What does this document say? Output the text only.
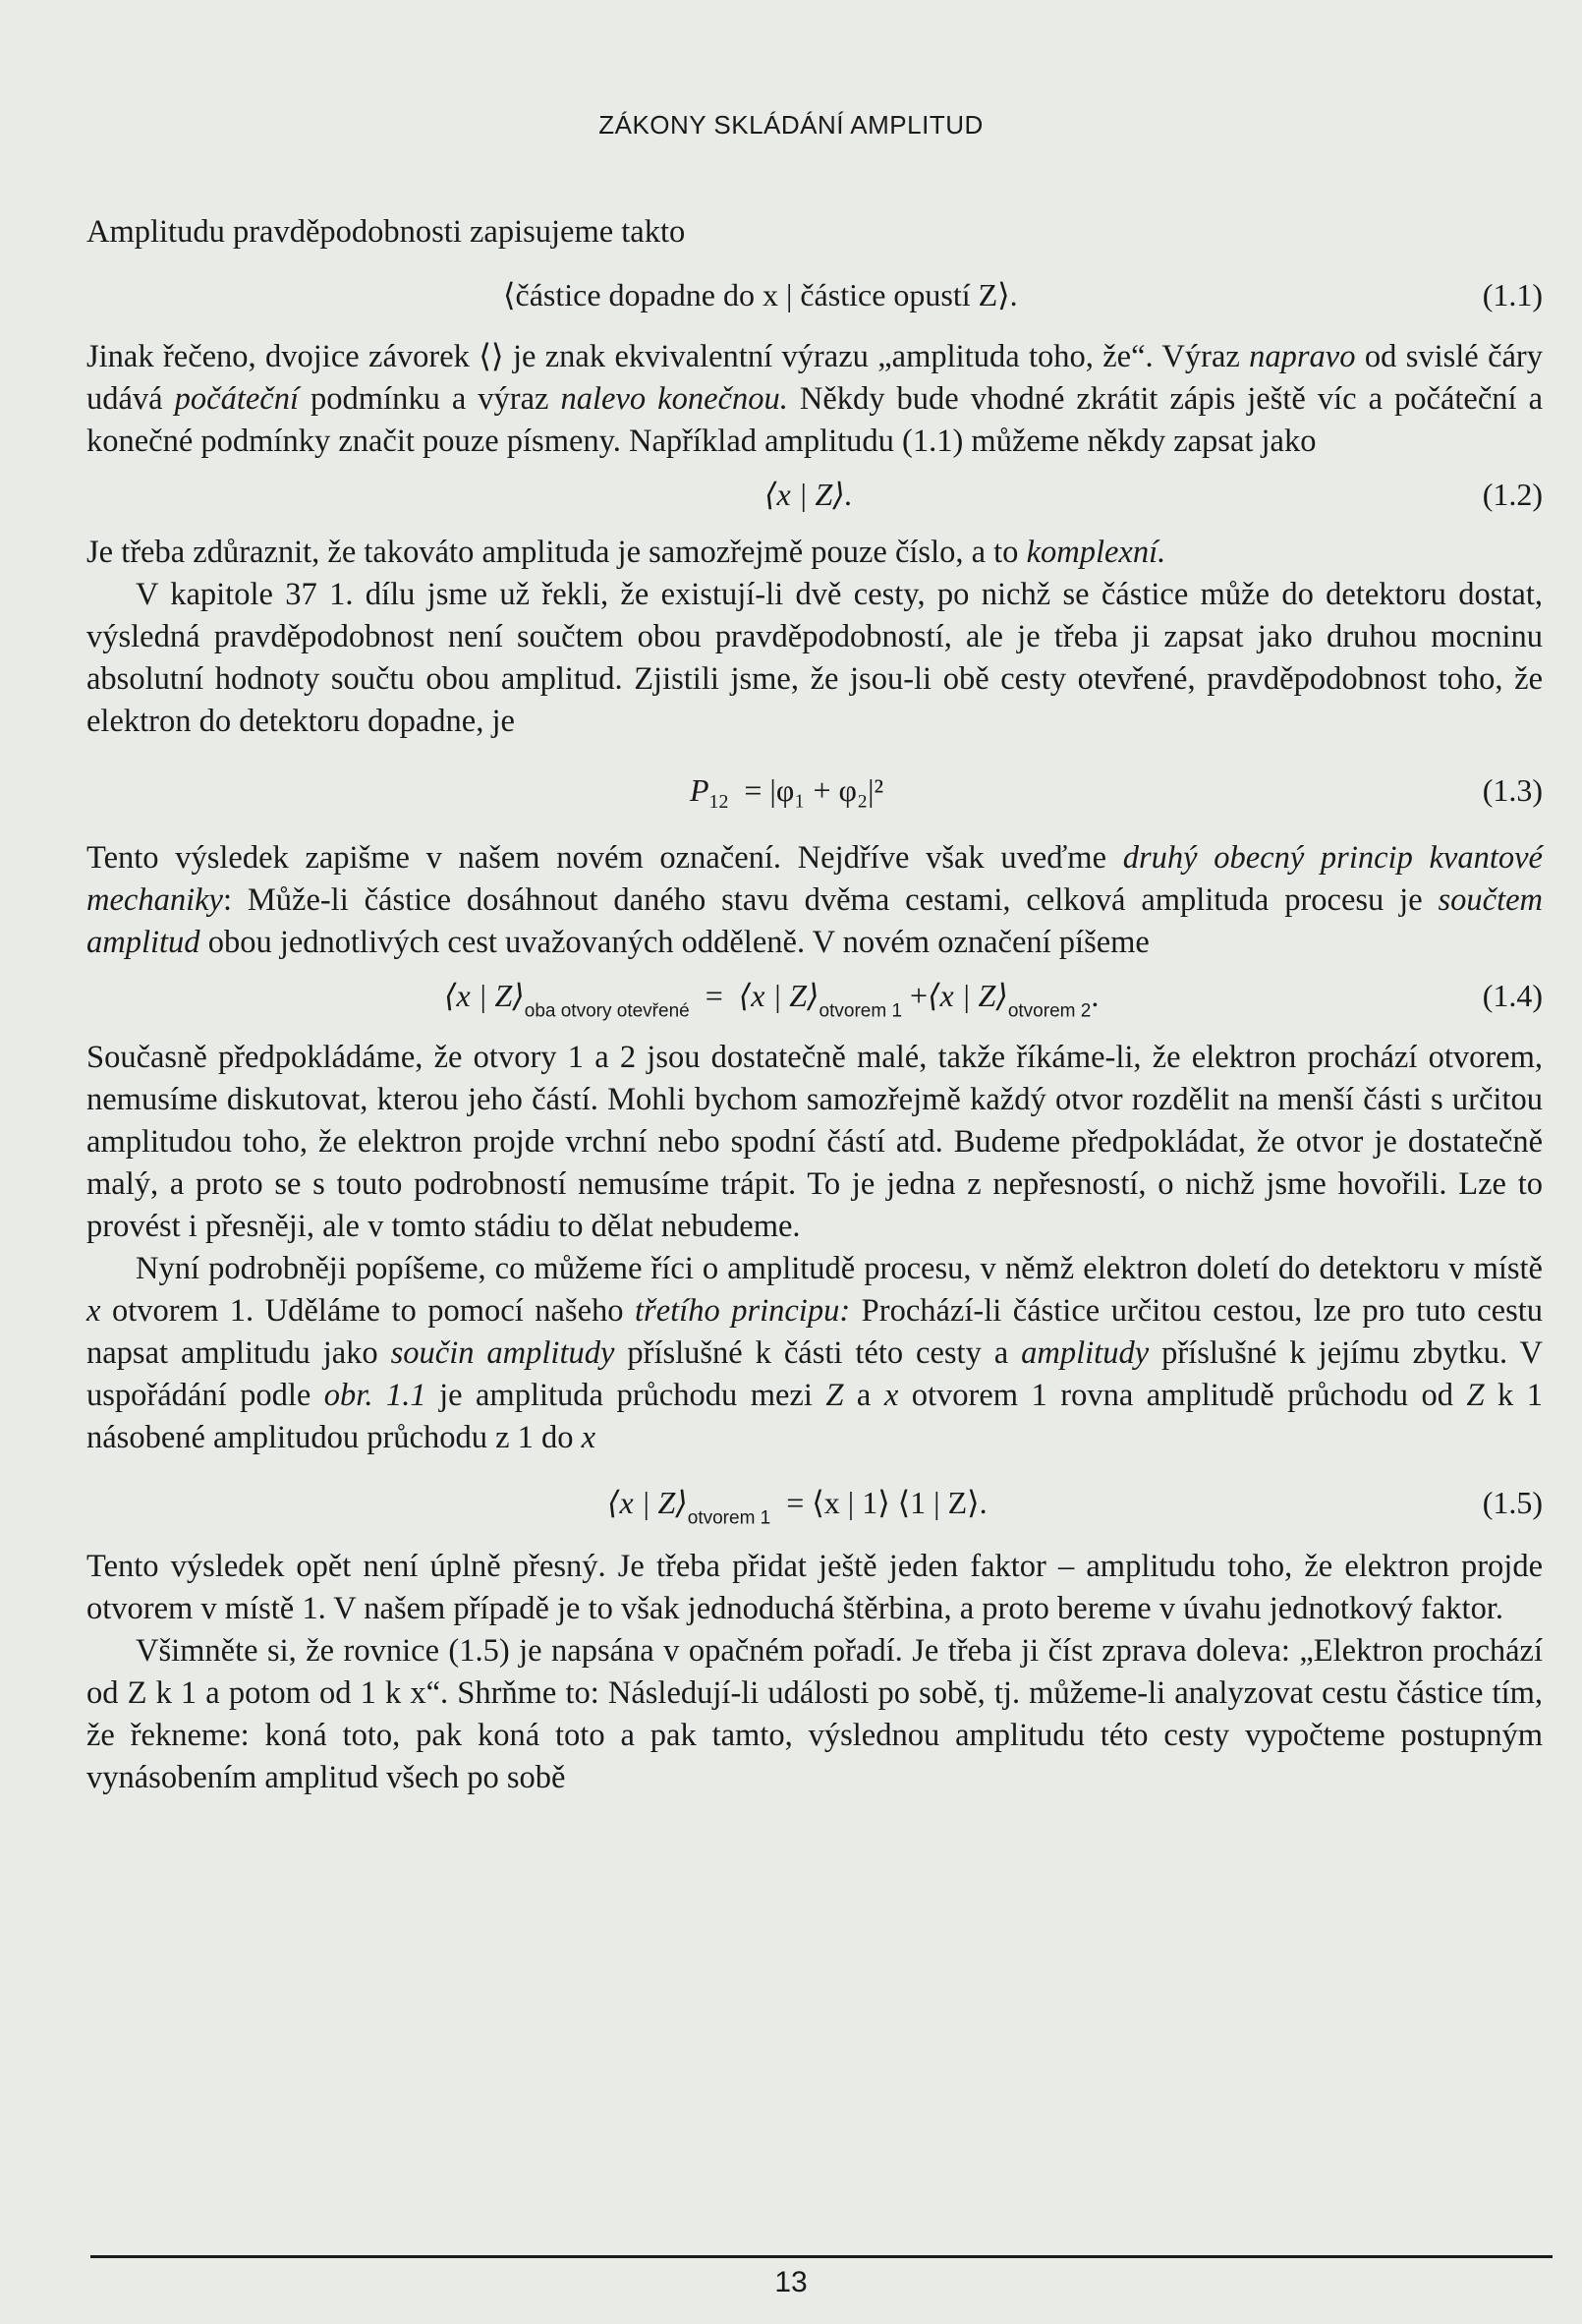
ZÁKONY SKLÁDÁNÍ AMPLITUD

Amplitudu pravděpodobnosti zapisujeme takto

⟨částice dopadne do x | částice opustí Z⟩.	(1.1)

Jinak řečeno, dvojice závorek ⟨⟩ je znak ekvivalentní výrazu „amplituda toho, že“. Výraz napravo od svislé čáry udává počáteční podmínku a výraz nalevo konečnou. Někdy bude vhodné zkrátit zápis ještě víc a počáteční a konečné podmínky značit pouze písmeny. Například amplitudu (1.1) můžeme někdy zapsat jako

⟨x | Z⟩.	(1.2)

Je třeba zdůraznit, že takováto amplituda je samozřejmě pouze číslo, a to komplexní.

V kapitole 37 1. dílu jsme už řekli, že existují-li dvě cesty, po nichž se částice může do detektoru dostat, výsledná pravděpodobnost není součtem obou pravděpodobností, ale je třeba ji zapsat jako druhou mocninu absolutní hodnoty součtu obou amplitud. Zjistili jsme, že jsou-li obě cesty otevřené, pravděpodobnost toho, že elektron do detektoru dopadne, je

$P_{12} = |\varphi_1 + \varphi_2|^2$	(1.3)

Tento výsledek zapišme v našem novém označení. Nejdříve však uveďme druhý obecný princip kvantové mechaniky: Může-li částice dosáhnout daného stavu dvěma cestami, celková amplituda procesu je součtem amplitud obou jednotlivých cest uvažovaných odděleně. V novém označení píšeme

⟨x | $Z⟩_{oba otvory otevřené}$  =  ⟨x | $Z⟩_{otvorem 1}$ +⟨x | $Z⟩_{otvorem 2}$.	(1.4)

Současně předpokládáme, že otvory 1 a 2 jsou dostatečně malé, takže říkáme-li, že elektron prochází otvorem, nemusíme diskutovat, kterou jeho částí. Mohli bychom samozřejmě každý otvor rozdělit na menší části s určitou amplitudou toho, že elektron projde vrchní nebo spodní částí atd. Budeme předpokládat, že otvor je dostatečně malý, a proto se s touto podrobností nemusíme trápit. To je jedna z nepřesností, o nichž jsme hovořili. Lze to provést i přesněji, ale v tomto stádiu to dělat nebudeme.

Nyní podrobněji popíšeme, co můžeme říci o amplitudě procesu, v němž elektron doletí do detektoru v místě x otvorem 1. Uděláme to pomocí našeho třetího principu: Prochází-li částice určitou cestou, lze pro tuto cestu napsat amplitudu jako součin amplitudy příslušné k části této cesty a amplitudy příslušné k jejímu zbytku. V uspořádání podle obr. 1.1 je amplituda průchodu mezi Z a x otvorem 1 rovna amplitudě průchodu od Z k 1 násobené amplitudou průchodu z 1 do x

⟨x | $Z⟩_{otvorem 1}$ = ⟨x | 1⟩ ⟨1 | Z⟩.	(1.5)

Tento výsledek opět není úplně přesný. Je třeba přidat ještě jeden faktor – amplitudu toho, že elektron projde otvorem v místě 1. V našem případě je to však jednoduchá štěrbina, a proto bereme v úvahu jednotkový faktor.

Všimněte si, že rovnice (1.5) je napsána v opačném pořadí. Je třeba ji číst zprava doleva: „Elektron prochází od Z k 1 a potom od 1 k x“. Shrňme to: Následují-li události po sobě, tj. můžeme-li analyzovat cestu částice tím, že řekneme: koná toto, pak koná toto a pak tamto, výslednou amplitudu této cesty vypočteme postupným vynásobením amplitud všech po sobě

13
